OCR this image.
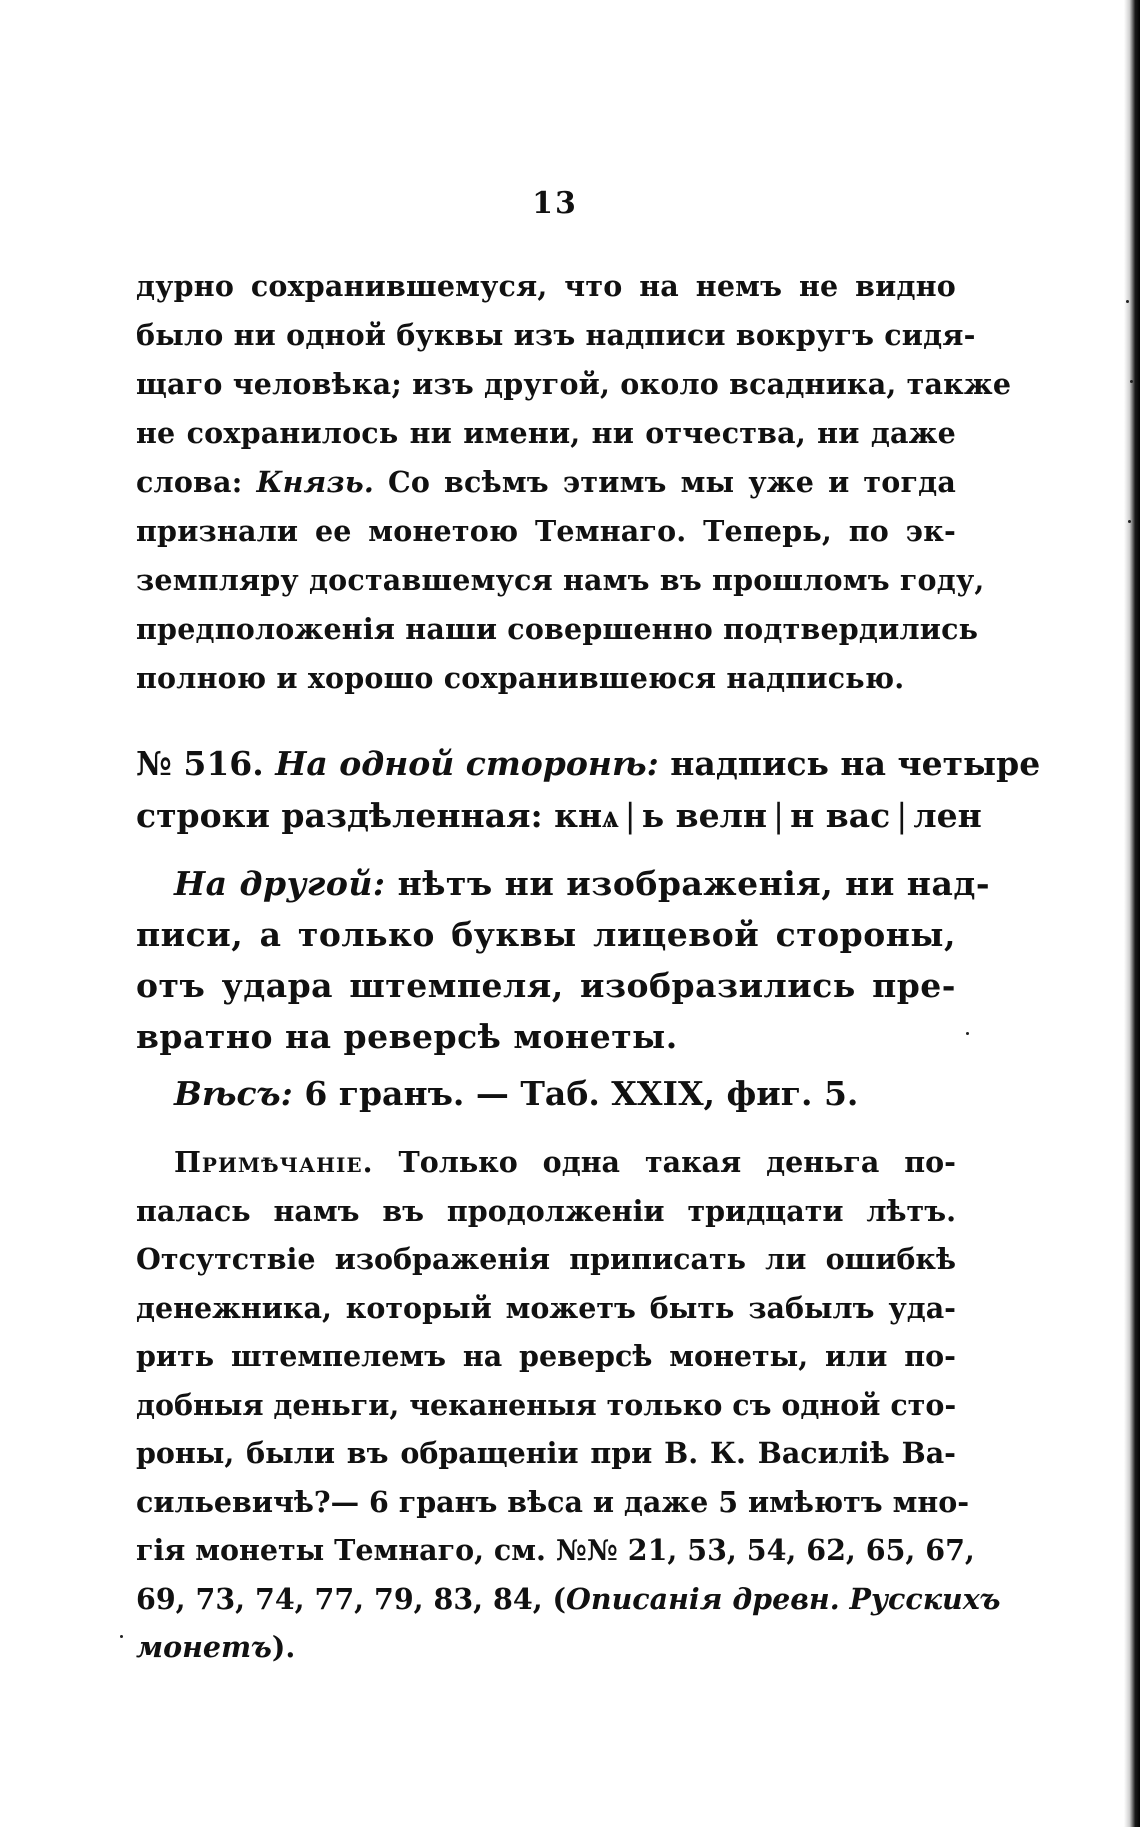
13
дурно сохранившемуся, что на немъ не видно
было ни одной буквы изъ надписи вокругъ сидя-
щаго человѣка; изъ другой, около всадника, также
не сохранилось ни имени, ни отчества, ни даже
слова: Князь. Со всѣмъ этимъ мы уже и тогда
признали ее монетою Темнаго. Теперь, по эк-
земпляру доставшемуся намъ въ прошломъ году,
предположенія наши совершенно подтвердились
полною и хорошо сохранившеюся надписью.
№ 516. На одной сторонѣ: надпись на четыре
строки раздѣленная: кнѧ | ь велн | н вас | лен
На другой: нѣтъ ни изображенія, ни над-
писи, а только буквы лицевой стороны,
отъ удара штемпеля, изобразились пре-
вратно на реверсѣ монеты.
Вѣсъ: 6 гранъ. — Таб. XXIX, фиг. 5.
Примѣчаніе. Только одна такая деньга по-
палась намъ въ продолженіи тридцати лѣтъ.
Отсутствіе изображенія приписать ли ошибкѣ
денежника, который можетъ быть забылъ уда-
рить штемпелемъ на реверсѣ монеты, или по-
добныя деньги, чеканеныя только съ одной сто-
роны, были въ обращеніи при В. К. Василіѣ Ва-
сильевичѣ?— 6 гранъ вѣса и даже 5 имѣютъ мно-
гія монеты Темнаго, см. №№ 21, 53, 54, 62, 65, 67,
69, 73, 74, 77, 79, 83, 84, (Описанія древн. Русскихъ
монетъ).
